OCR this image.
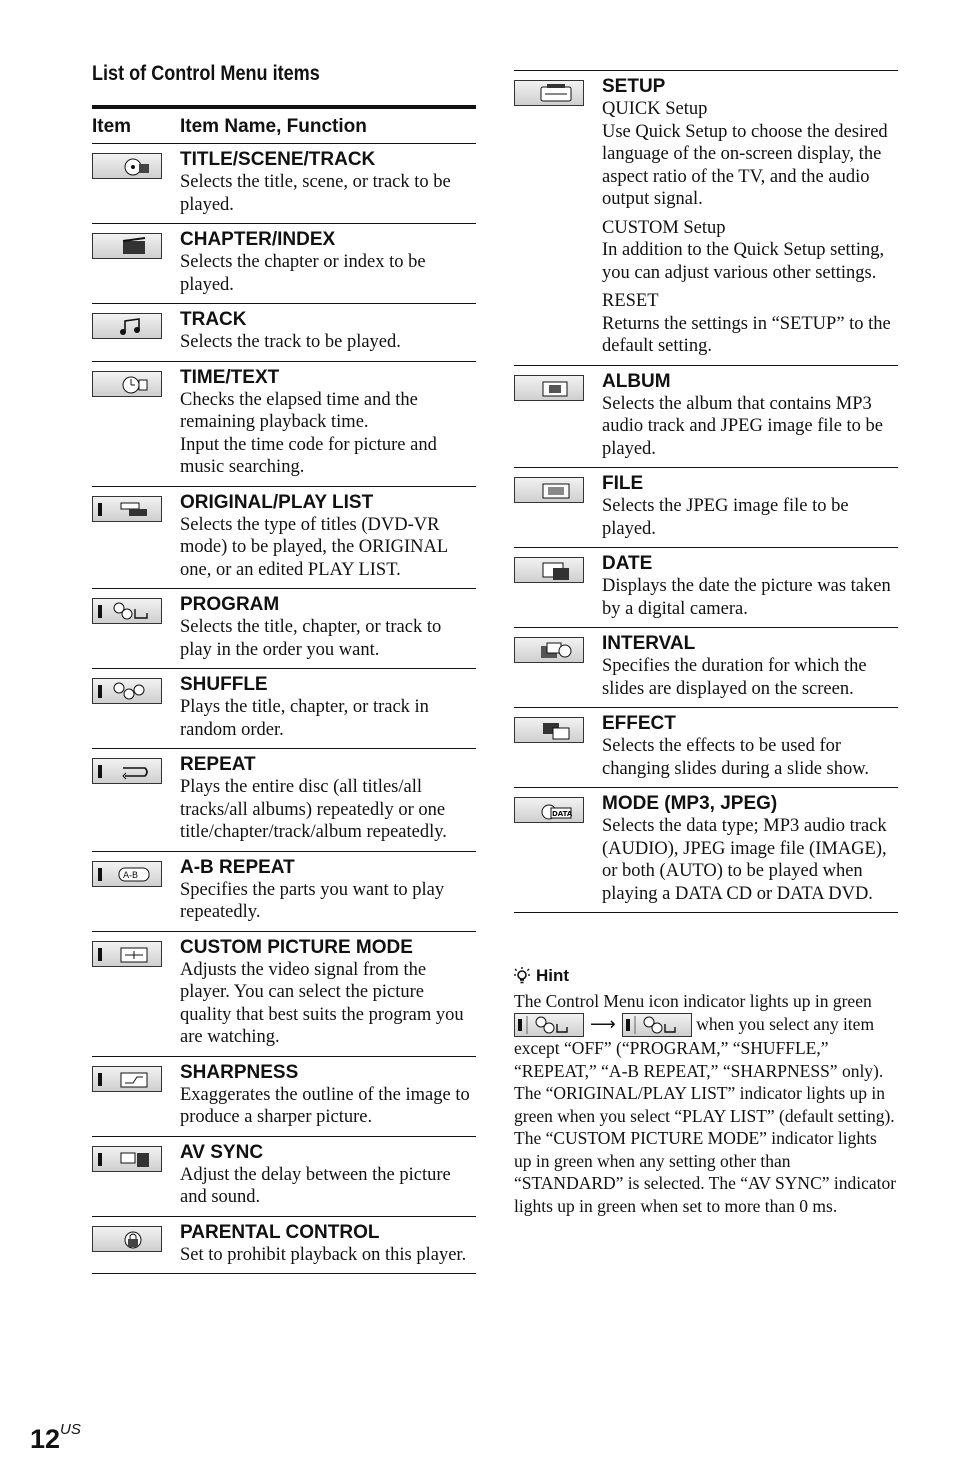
List of Control Menu items
Item	Item Name, Function
TITLE/SCENE/TRACK

Selects the title, scene, or track to be played.

CHAPTER/INDEX

Selects the chapter or index to be played.

TRACK

Selects the track to be played.

TIME/TEXT

Checks the elapsed time and the remaining playback time.
Input the time code for picture and music searching.

ORIGINAL/PLAY LIST

Selects the type of titles (DVD-VR mode) to be played, the ORIGINAL one, or an edited PLAY LIST.

PROGRAM

Selects the title, chapter, or track to play in the order you want.

SHUFFLE

Plays the title, chapter, or track in random order.

REPEAT

Plays the entire disc (all titles/all tracks/all albums) repeatedly or one title/chapter/track/album repeatedly.

A-B A-B REPEAT

Specifies the parts you want to play repeatedly.

CUSTOM PICTURE MODE

Adjusts the video signal from the player. You can select the picture quality that best suits the program you are watching.

SHARPNESS

Exaggerates the outline of the image to produce a sharper picture.

AV SYNC

Adjust the delay between the picture and sound.

PARENTAL CONTROL

Set to prohibit playback on this player.

SETUP

QUICK Setup
Use Quick Setup to choose the desired language of the on-screen display, the aspect ratio of the TV, and the audio output signal.

CUSTOM Setup
In addition to the Quick Setup setting, you can adjust various other settings.

RESET
Returns the settings in “SETUP” to the default setting.

ALBUM

Selects the album that contains MP3 audio track and JPEG image file to be played.

FILE

Selects the JPEG image file to be played.

DATE

Displays the date the picture was taken by a digital camera.

INTERVAL

Specifies the duration for which the slides are displayed on the screen.

EFFECT

Selects the effects to be used for changing slides during a slide show.

DATA MODE (MP3, JPEG)

Selects the data type; MP3 audio track (AUDIO), JPEG image file (IMAGE), or both (AUTO) to be played when playing a DATA CD or DATA DVD.

Hint
The Control Menu icon indicator lights up in green
⟶	when you select any item except “OFF” (“PROGRAM,” “SHUFFLE,” “REPEAT,” “A-B REPEAT,” “SHARPNESS” only). The “ORIGINAL/PLAY LIST” indicator lights up in green when you select “PLAY LIST” (default setting). The “CUSTOM PICTURE MODE” indicator lights up in green when any setting other than “STANDARD” is selected. The “AV SYNC” indicator lights up in green when set to more than 0 ms.
$12^{US}$
